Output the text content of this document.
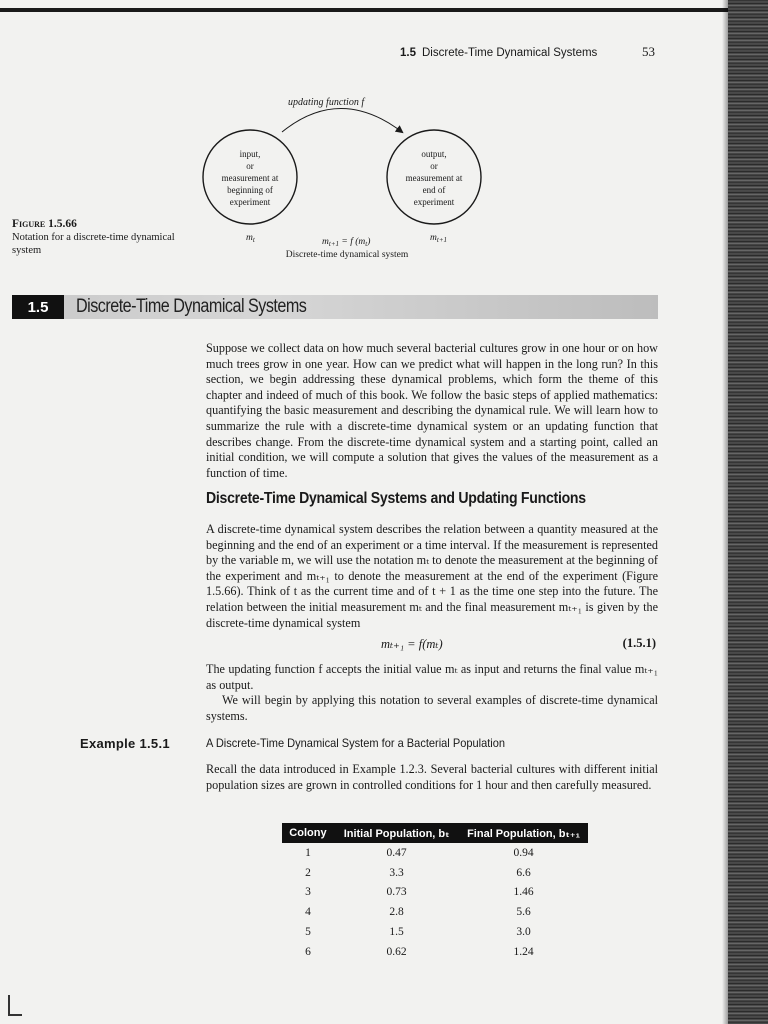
1.5 Discrete-Time Dynamical Systems	53
updating function f
input,
or
measurement at
beginning of
experiment
output,
or
measurement at
end of
experiment
$m_t$	$m_{t+1}$
$m_{t+1} = f$ $(m_t)$
Discrete-time dynamical system
Figure 1.5.66
Notation for a discrete-time dynamical system
1.5	Discrete-Time Dynamical Systems

Suppose we collect data on how much several bacterial cultures grow in one hour or on how much trees grow in one year. How can we predict what will happen in the long run? In this section, we begin addressing these dynamical problems, which form the theme of this chapter and indeed of much of this book. We follow the basic steps of applied mathematics: quantifying the basic measurement and describing the dynamical rule. We will learn how to summarize the rule with a discrete-time dynamical system or an updating function that describes change. From the discrete-time dynamical system and a starting point, called an initial condition, we will compute a solution that gives the values of the measurement as a function of time.

Discrete-Time Dynamical Systems and Updating Functions

A discrete-time dynamical system describes the relation between a quantity measured at the beginning and the end of an experiment or a time interval. If the measurement is represented by the variable m, we will use the notation mₜ to denote the measurement at the beginning of the experiment and mₜ₊₁ to denote the measurement at the end of the experiment (Figure 1.5.66). Think of t as the current time and of t + 1 as the time one step into the future. The relation between the initial measurement mₜ and the final measurement mₜ₊₁ is given by the discrete-time dynamical system

mₜ₊₁ = f(mₜ)	(1.5.1)

The updating function f accepts the initial value mₜ as input and returns the final value mₜ₊₁ as output.

We will begin by applying this notation to several examples of discrete-time dynamical systems.

Example 1.5.1	A Discrete-Time Dynamical System for a Bacterial Population

Recall the data introduced in Example 1.2.3. Several bacterial cultures with different initial population sizes are grown in controlled conditions for 1 hour and then carefully measured.

Colony	Initial Population, bₜ	Final Population, bₜ₊₁
1	0.47	0.94
2	3.3	6.6
3	0.73	1.46
4	2.8	5.6
5	1.5	3.0
6	0.62	1.24
